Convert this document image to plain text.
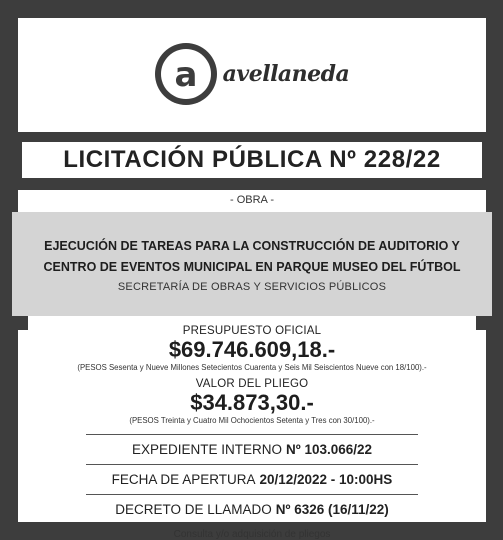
a avellaneda
LICITACIÓN PÚBLICA Nº 228/22
- OBRA -
EJECUCIÓN DE TAREAS PARA LA CONSTRUCCIÓN DE AUDITORIO Y
CENTRO DE EVENTOS MUNICIPAL EN PARQUE MUSEO DEL FÚTBOL
SECRETARÍA DE OBRAS Y SERVICIOS PÚBLICOS
PRESUPUESTO OFICIAL
$69.746.609,18.-
(PESOS Sesenta y Nueve Millones Setecientos Cuarenta y Seis Mil Seiscientos Nueve con 18/100).-
VALOR DEL PLIEGO
$34.873,30.-
(PESOS Treinta y Cuatro Mil Ochocientos Setenta y Tres con 30/100).-
EXPEDIENTE INTERNO Nº 103.066/22
FECHA DE APERTURA 20/12/2022 - 10:00HS
DECRETO DE LLAMADO Nº 6326 (16/11/22)
Consulta y/o adquisición de pliegos
